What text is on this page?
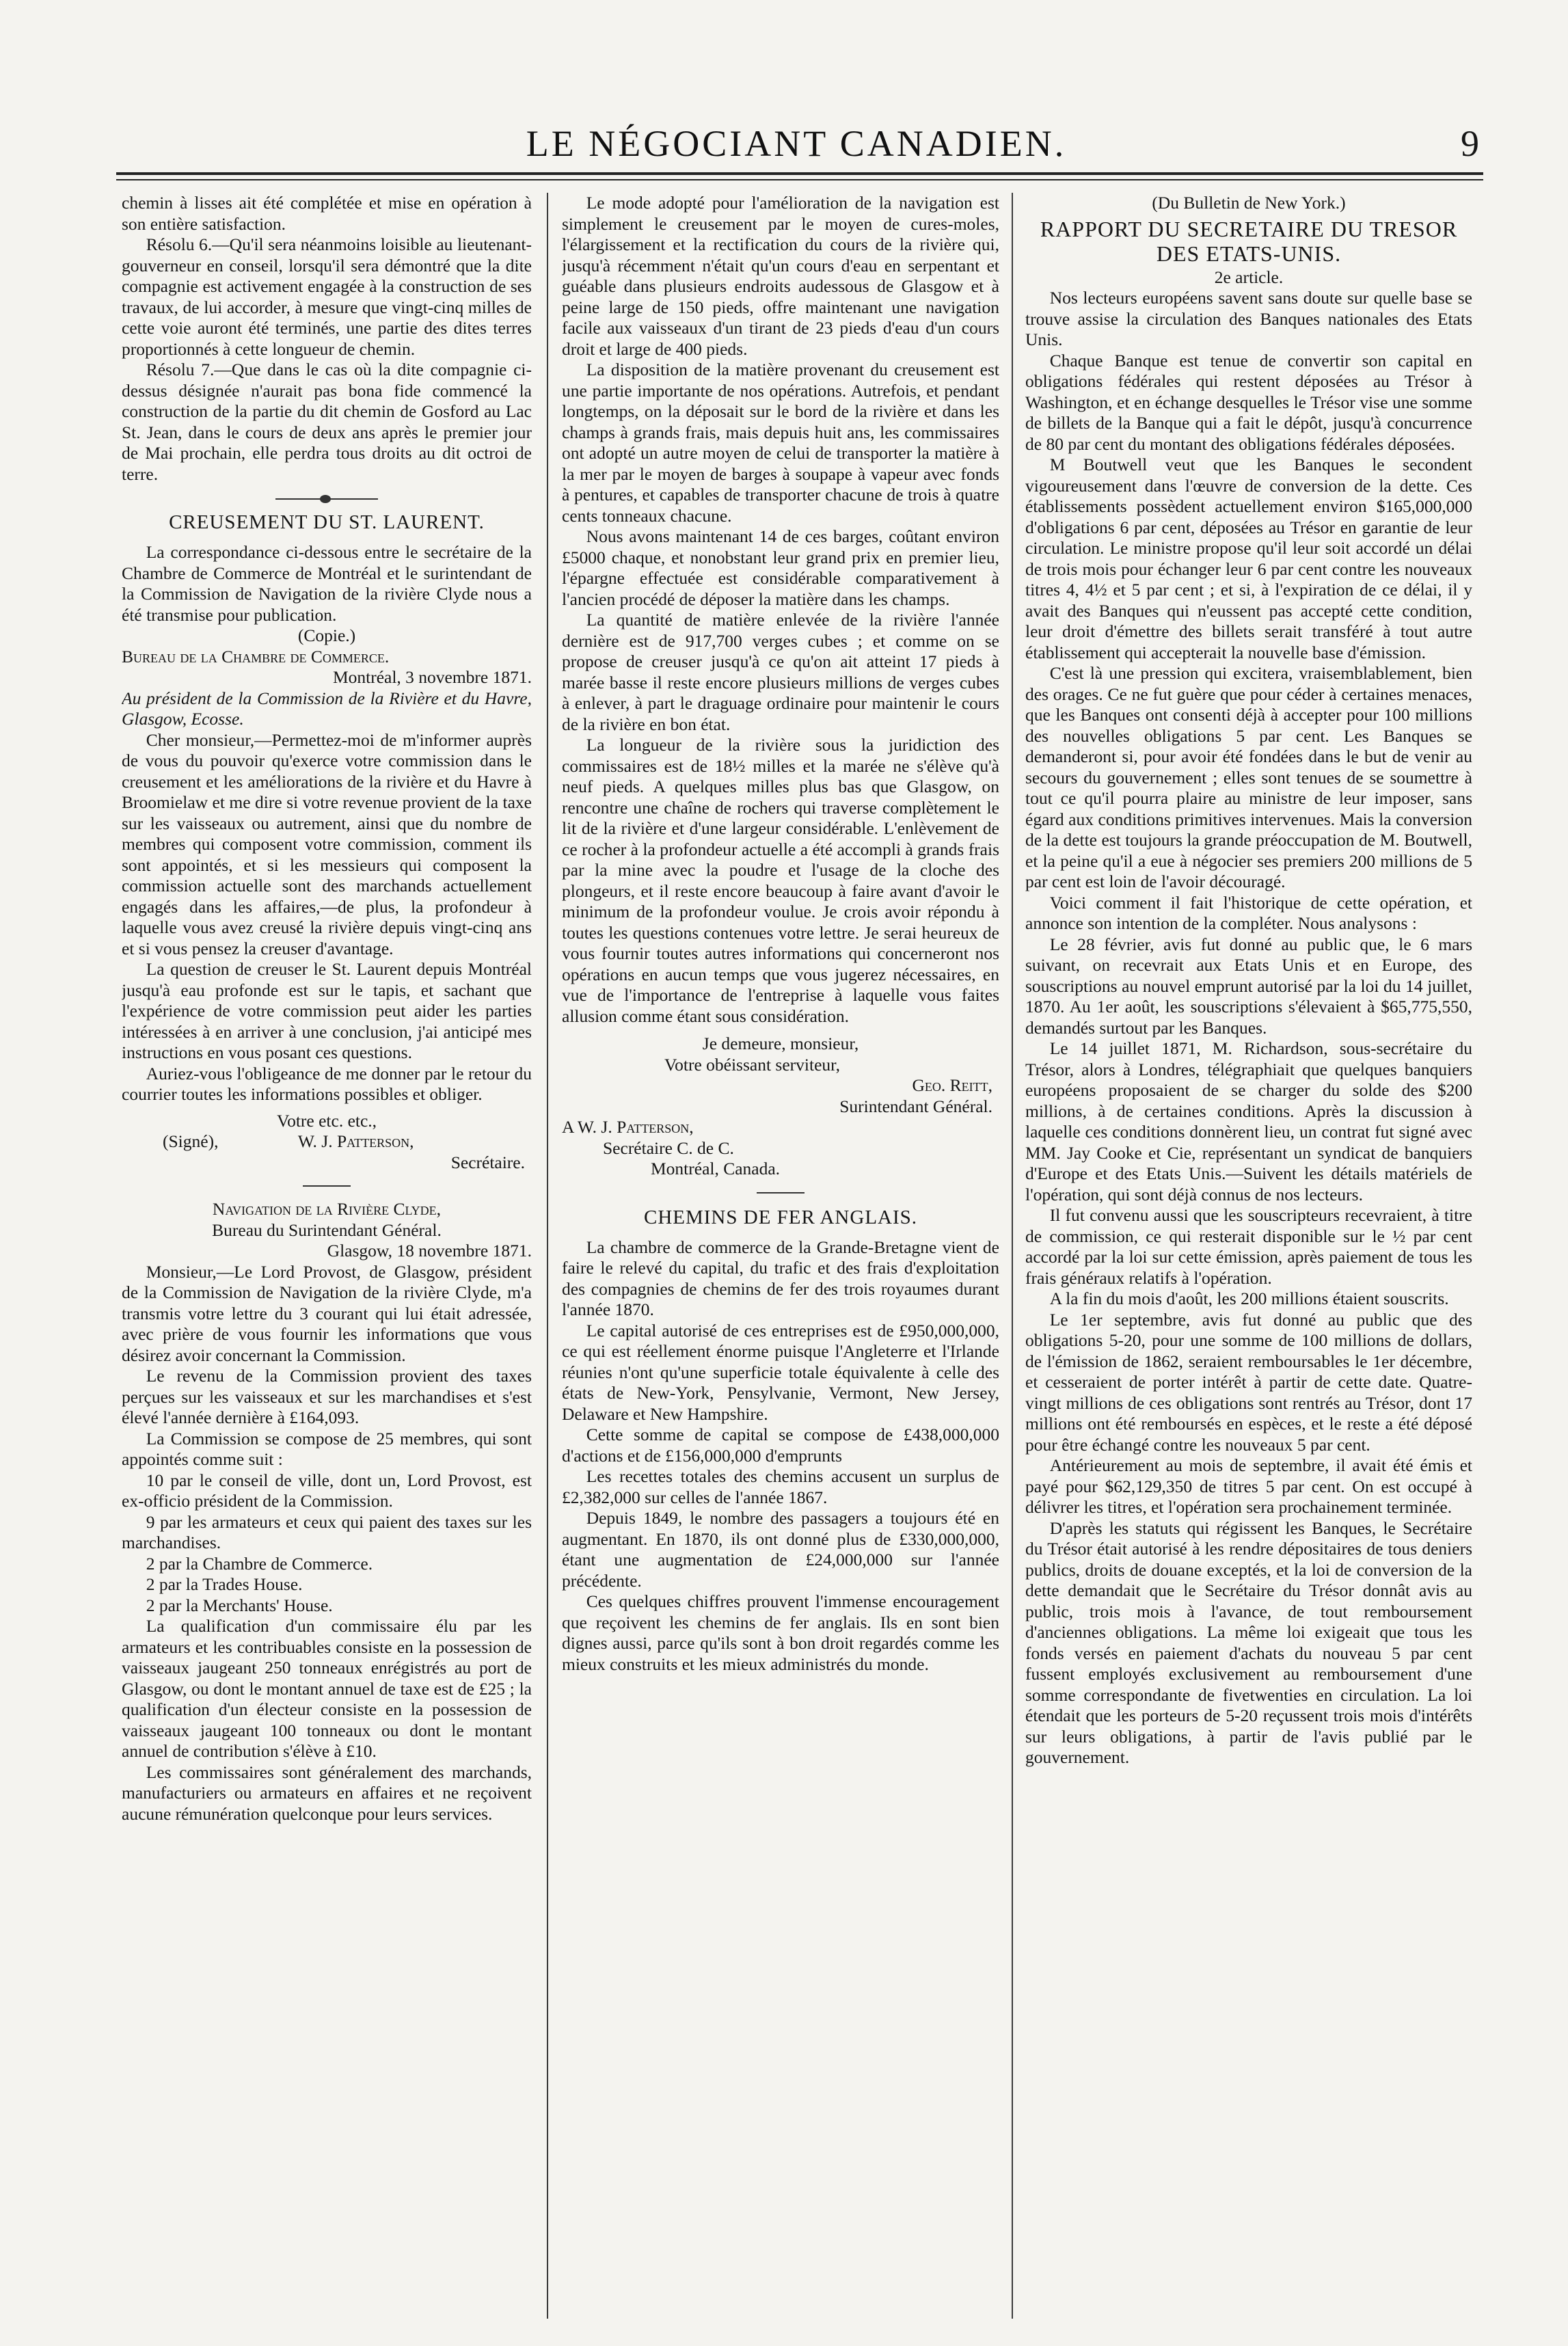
LE NÉGOCIANT CANADIEN.	9

chemin à lisses ait été complétée et mise en opération à son entière satisfaction.

Résolu 6.—Qu'il sera néanmoins loisible au lieutenant-gouverneur en conseil, lorsqu'il sera démontré que la dite compagnie est activement engagée à la construction de ses travaux, de lui accorder, à mesure que vingt-cinq milles de cette voie auront été terminés, une partie des dites terres proportionnés à cette longueur de chemin.

Résolu 7.—Que dans le cas où la dite compagnie ci-dessus désignée n'aurait pas bona fide commencé la construction de la partie du dit chemin de Gosford au Lac St. Jean, dans le cours de deux ans après le premier jour de Mai prochain, elle perdra tous droits au dit octroi de terre.

CREUSEMENT DU ST. LAURENT.

La correspondance ci-dessous entre le secrétaire de la Chambre de Commerce de Montréal et le surintendant de la Commission de Navigation de la rivière Clyde nous a été transmise pour publication.

(Copie.)

Bureau de la Chambre de Commerce.

Montréal, 3 novembre 1871.

Au président de la Commission de la Rivière et du Havre, Glasgow, Ecosse.

Cher monsieur,—Permettez-moi de m'informer auprès de vous du pouvoir qu'exerce votre commission dans le creusement et les améliorations de la rivière et du Havre à Broomielaw et me dire si votre revenue provient de la taxe sur les vaisseaux ou autrement, ainsi que du nombre de membres qui composent votre commission, comment ils sont appointés, et si les messieurs qui composent la commission actuelle sont des marchands actuellement engagés dans les affaires,—de plus, la profondeur à laquelle vous avez creusé la rivière depuis vingt-cinq ans et si vous pensez la creuser d'avantage.

La question de creuser le St. Laurent depuis Montréal jusqu'à eau profonde est sur le tapis, et sachant que l'expérience de votre commission peut aider les parties intéressées à en arriver à une conclusion, j'ai anticipé mes instructions en vous posant ces questions.

Auriez-vous l'obligeance de me donner par le retour du courrier toutes les informations possibles et obliger.

Votre etc. etc.,

(Signé),	W. J. Patterson,

Secrétaire.

Navigation de la Rivière Clyde,

Bureau du Surintendant Général.

Glasgow, 18 novembre 1871.

Monsieur,—Le Lord Provost, de Glasgow, président de la Commission de Navigation de la rivière Clyde, m'a transmis votre lettre du 3 courant qui lui était adressée, avec prière de vous fournir les informations que vous désirez avoir concernant la Commission.

Le revenu de la Commission provient des taxes perçues sur les vaisseaux et sur les marchandises et s'est élevé l'année dernière à £164,093.

La Commission se compose de 25 membres, qui sont appointés comme suit :

10 par le conseil de ville, dont un, Lord Provost, est ex-officio président de la Commission.

9 par les armateurs et ceux qui paient des taxes sur les marchandises.

2 par la Chambre de Commerce.

2 par la Trades House.

2 par la Merchants' House.

La qualification d'un commissaire élu par les armateurs et les contribuables consiste en la possession de vaisseaux jaugeant 250 tonneaux enrégistrés au port de Glasgow, ou dont le montant annuel de taxe est de £25 ; la qualification d'un électeur consiste en la possession de vaisseaux jaugeant 100 tonneaux ou dont le montant annuel de contribution s'élève à £10.

Les commissaires sont généralement des marchands, manufacturiers ou armateurs en affaires et ne reçoivent aucune rémunération quelconque pour leurs services.

Le mode adopté pour l'amélioration de la navigation est simplement le creusement par le moyen de cures-moles, l'élargissement et la rectification du cours de la rivière qui, jusqu'à récemment n'était qu'un cours d'eau en serpentant et guéable dans plusieurs endroits audessous de Glasgow et à peine large de 150 pieds, offre maintenant une navigation facile aux vaisseaux d'un tirant de 23 pieds d'eau d'un cours droit et large de 400 pieds.

La disposition de la matière provenant du creusement est une partie importante de nos opérations. Autrefois, et pendant longtemps, on la déposait sur le bord de la rivière et dans les champs à grands frais, mais depuis huit ans, les commissaires ont adopté un autre moyen de celui de transporter la matière à la mer par le moyen de barges à soupape à vapeur avec fonds à pentures, et capables de transporter chacune de trois à quatre cents tonneaux chacune.

Nous avons maintenant 14 de ces barges, coûtant environ £5000 chaque, et nonobstant leur grand prix en premier lieu, l'épargne effectuée est considérable comparativement à l'ancien procédé de déposer la matière dans les champs.

La quantité de matière enlevée de la rivière l'année dernière est de 917,700 verges cubes ; et comme on se propose de creuser jusqu'à ce qu'on ait atteint 17 pieds à marée basse il reste encore plusieurs millions de verges cubes à enlever, à part le draguage ordinaire pour maintenir le cours de la rivière en bon état.

La longueur de la rivière sous la juridiction des commissaires est de 18½ milles et la marée ne s'élève qu'à neuf pieds. A quelques milles plus bas que Glasgow, on rencontre une chaîne de rochers qui traverse complètement le lit de la rivière et d'une largeur considérable. L'enlèvement de ce rocher à la profondeur actuelle a été accompli à grands frais par la mine avec la poudre et l'usage de la cloche des plongeurs, et il reste encore beaucoup à faire avant d'avoir le minimum de la profondeur voulue. Je crois avoir répondu à toutes les questions contenues votre lettre. Je serai heureux de vous fournir toutes autres informations qui concerneront nos opérations en aucun temps que vous jugerez nécessaires, en vue de l'importance de l'entreprise à laquelle vous faites allusion comme étant sous considération.

Je demeure, monsieur,

Votre obéissant serviteur,

Geo. Reitt,

Surintendant Général.

A W. J. Patterson,

Secrétaire C. de C.

Montréal, Canada.

CHEMINS DE FER ANGLAIS.

La chambre de commerce de la Grande-Bretagne vient de faire le relevé du capital, du trafic et des frais d'exploitation des compagnies de chemins de fer des trois royaumes durant l'année 1870.

Le capital autorisé de ces entreprises est de £950,000,000, ce qui est réellement énorme puisque l'Angleterre et l'Irlande réunies n'ont qu'une superficie totale équivalente à celle des états de New-York, Pensylvanie, Vermont, New Jersey, Delaware et New Hampshire.

Cette somme de capital se compose de £438,000,000 d'actions et de £156,000,000 d'emprunts

Les recettes totales des chemins accusent un surplus de £2,382,000 sur celles de l'année 1867.

Depuis 1849, le nombre des passagers a toujours été en augmentant. En 1870, ils ont donné plus de £330,000,000, étant une augmentation de £24,000,000 sur l'année précédente.

Ces quelques chiffres prouvent l'immense encouragement que reçoivent les chemins de fer anglais. Ils en sont bien dignes aussi, parce qu'ils sont à bon droit regardés comme les mieux construits et les mieux administrés du monde.

(Du Bulletin de New York.)

RAPPORT DU SECRETAIRE DU TRESOR DES ETATS-UNIS.

2e article.

Nos lecteurs européens savent sans doute sur quelle base se trouve assise la circulation des Banques nationales des Etats Unis.

Chaque Banque est tenue de convertir son capital en obligations fédérales qui restent déposées au Trésor à Washington, et en échange desquelles le Trésor vise une somme de billets de la Banque qui a fait le dépôt, jusqu'à concurrence de 80 par cent du montant des obligations fédérales déposées.

M Boutwell veut que les Banques le secondent vigoureusement dans l'œuvre de conversion de la dette. Ces établissements possèdent actuellement environ $165,000,000 d'obligations 6 par cent, déposées au Trésor en garantie de leur circulation. Le ministre propose qu'il leur soit accordé un délai de trois mois pour échanger leur 6 par cent contre les nouveaux titres 4, 4½ et 5 par cent ; et si, à l'expiration de ce délai, il y avait des Banques qui n'eussent pas accepté cette condition, leur droit d'émettre des billets serait transféré à tout autre établissement qui accepterait la nouvelle base d'émission.

C'est là une pression qui excitera, vraisemblablement, bien des orages. Ce ne fut guère que pour céder à certaines menaces, que les Banques ont consenti déjà à accepter pour 100 millions des nouvelles obligations 5 par cent. Les Banques se demanderont si, pour avoir été fondées dans le but de venir au secours du gouvernement ; elles sont tenues de se soumettre à tout ce qu'il pourra plaire au ministre de leur imposer, sans égard aux conditions primitives intervenues. Mais la conversion de la dette est toujours la grande préoccupation de M. Boutwell, et la peine qu'il a eue à négocier ses premiers 200 millions de 5 par cent est loin de l'avoir découragé.

Voici comment il fait l'historique de cette opération, et annonce son intention de la compléter. Nous analysons :

Le 28 février, avis fut donné au public que, le 6 mars suivant, on recevrait aux Etats Unis et en Europe, des souscriptions au nouvel emprunt autorisé par la loi du 14 juillet, 1870. Au 1er août, les souscriptions s'élevaient à $65,775,550, demandés surtout par les Banques.

Le 14 juillet 1871, M. Richardson, sous-secrétaire du Trésor, alors à Londres, télégraphiait que quelques banquiers européens proposaient de se charger du solde des $200 millions, à de certaines conditions. Après la discussion à laquelle ces conditions donnèrent lieu, un contrat fut signé avec MM. Jay Cooke et Cie, représentant un syndicat de banquiers d'Europe et des Etats Unis.—Suivent les détails matériels de l'opération, qui sont déjà connus de nos lecteurs.

Il fut convenu aussi que les souscripteurs recevraient, à titre de commission, ce qui resterait disponible sur le ½ par cent accordé par la loi sur cette émission, après paiement de tous les frais généraux relatifs à l'opération.

A la fin du mois d'août, les 200 millions étaient souscrits.

Le 1er septembre, avis fut donné au public que des obligations 5-20, pour une somme de 100 millions de dollars, de l'émission de 1862, seraient remboursables le 1er décembre, et cesseraient de porter intérêt à partir de cette date. Quatre-vingt millions de ces obligations sont rentrés au Trésor, dont 17 millions ont été remboursés en espèces, et le reste a été déposé pour être échangé contre les nouveaux 5 par cent.

Antérieurement au mois de septembre, il avait été émis et payé pour $62,129,350 de titres 5 par cent. On est occupé à délivrer les titres, et l'opération sera prochainement terminée.

D'après les statuts qui régissent les Banques, le Secrétaire du Trésor était autorisé à les rendre dépositaires de tous deniers publics, droits de douane exceptés, et la loi de conversion de la dette demandait que le Secrétaire du Trésor donnât avis au public, trois mois à l'avance, de tout remboursement d'anciennes obligations. La même loi exigeait que tous les fonds versés en paiement d'achats du nouveau 5 par cent fussent employés exclusivement au remboursement d'une somme correspondante de fivetwenties en circulation. La loi étendait que les porteurs de 5-20 reçussent trois mois d'intérêts sur leurs obligations, à partir de l'avis publié par le gouvernement.
